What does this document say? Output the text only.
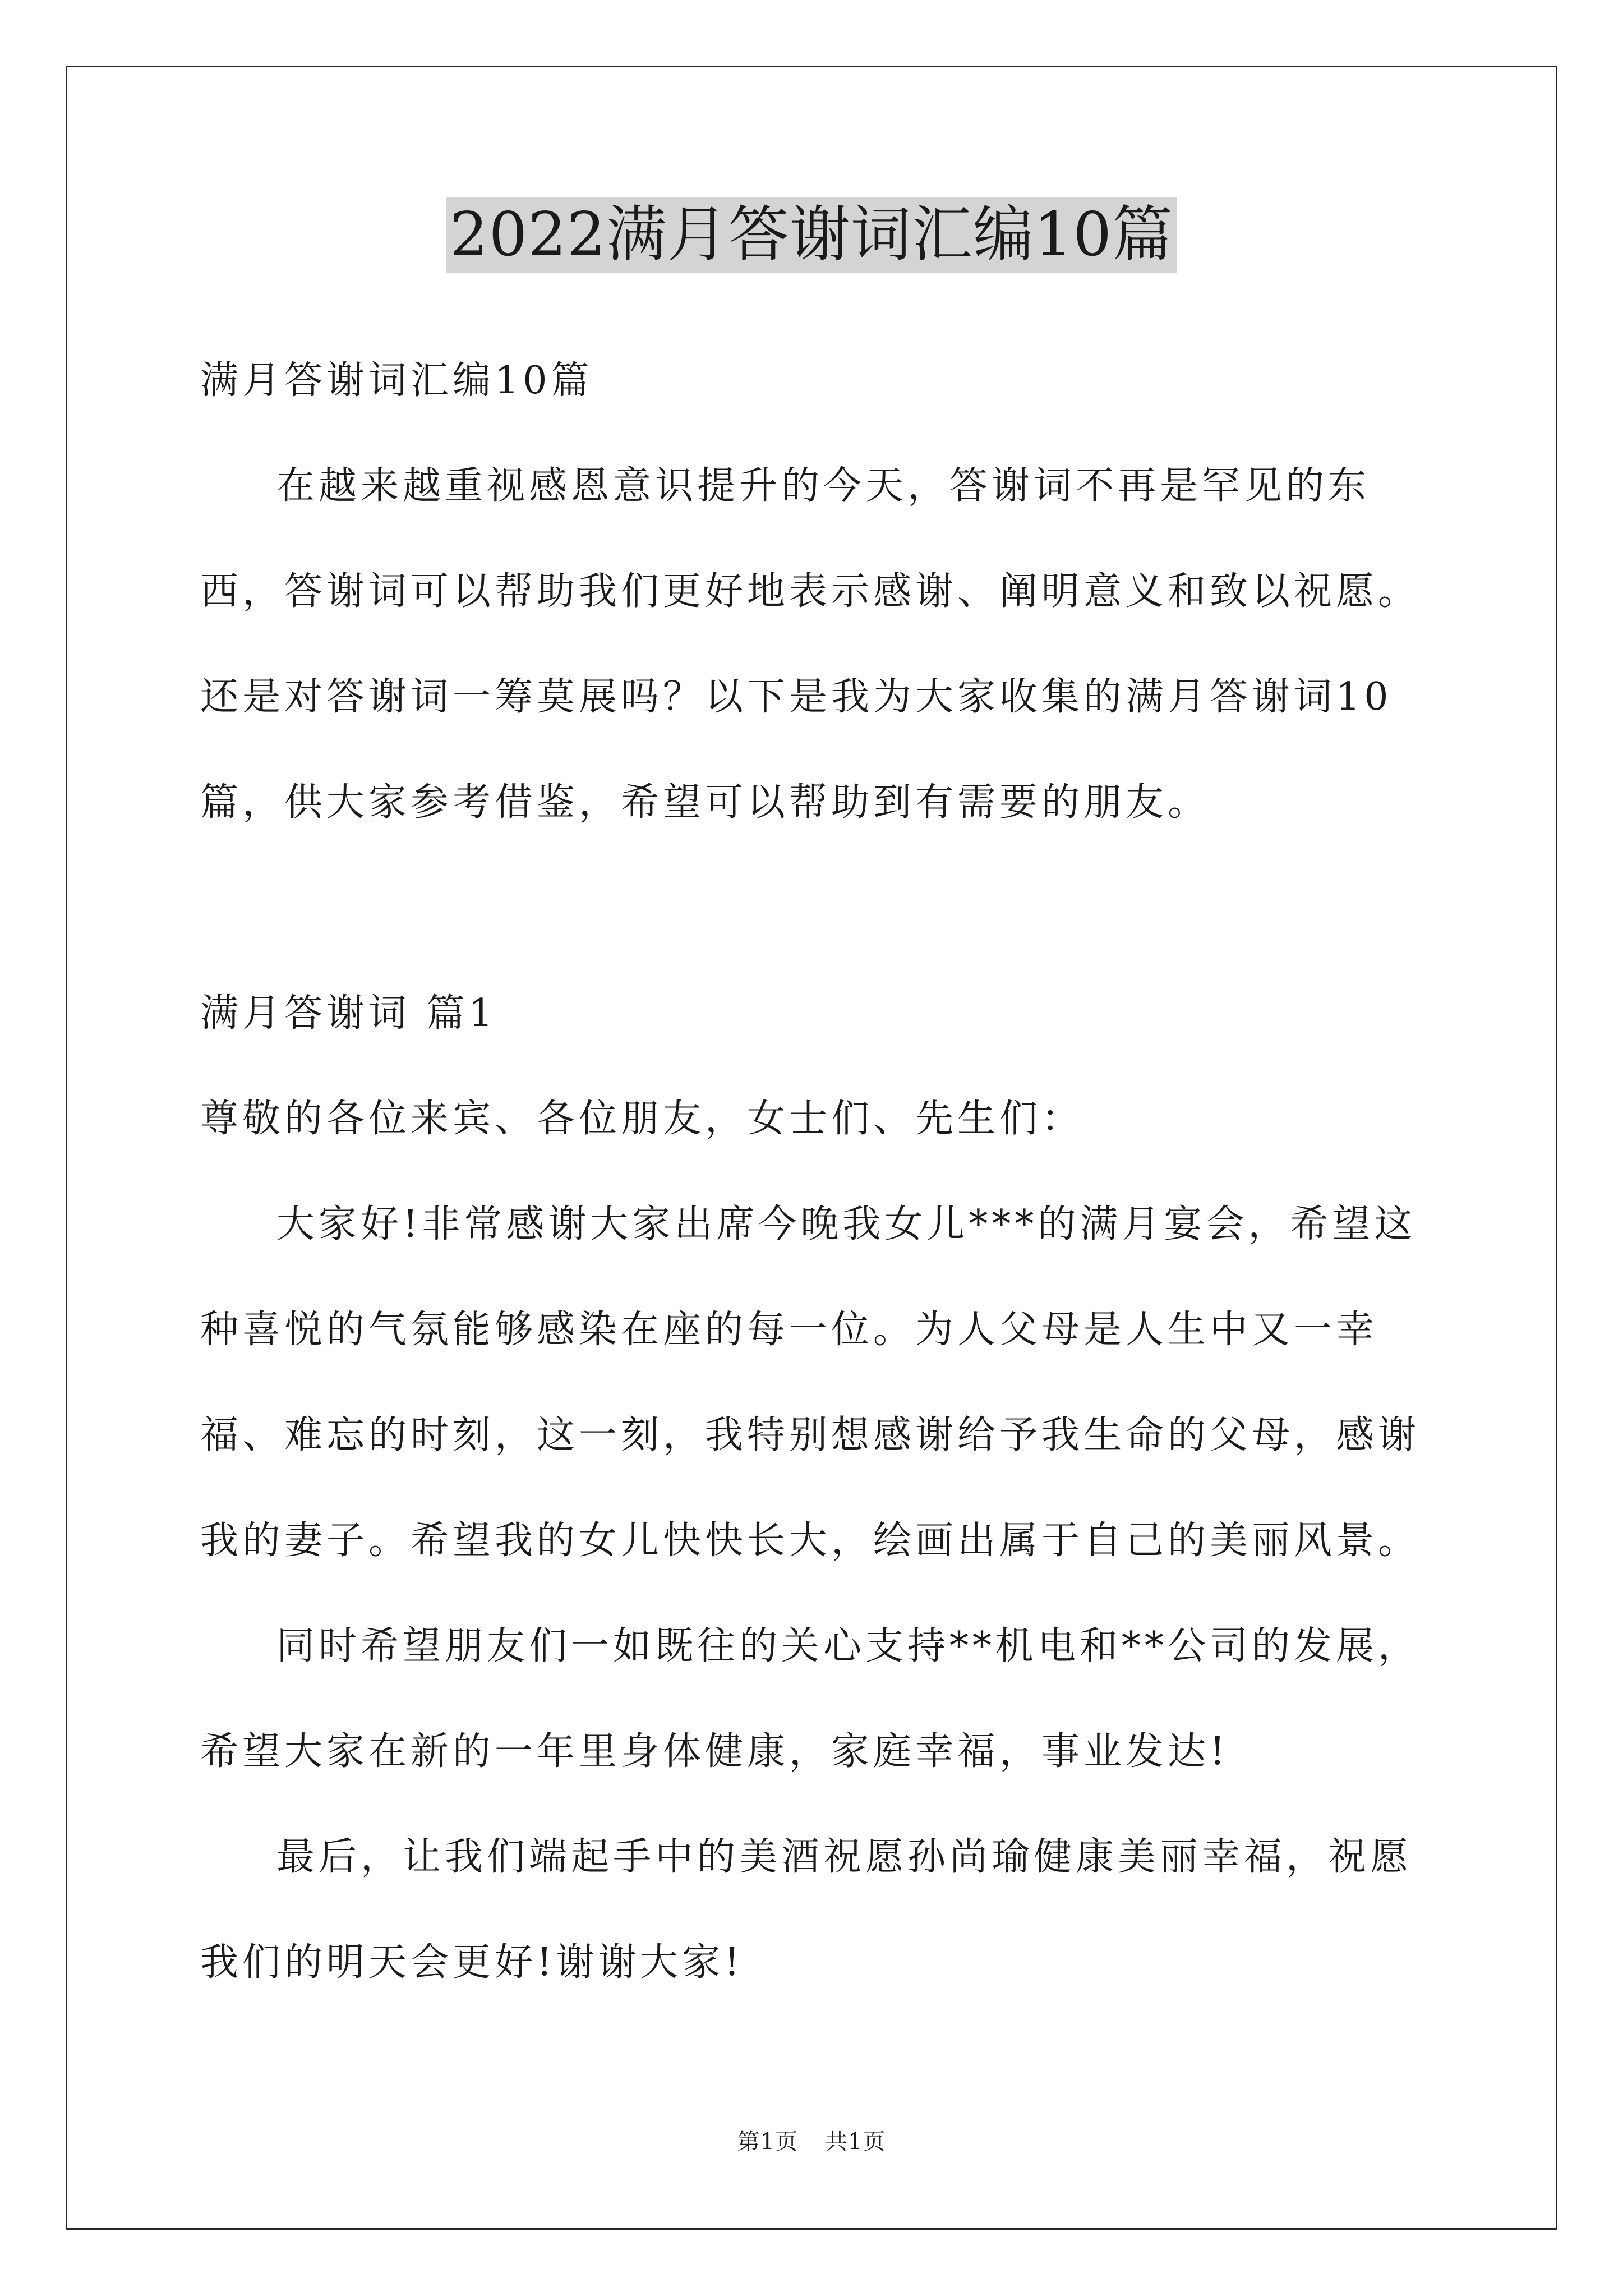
2022满月答谢词汇编10篇

满月答谢词汇编10篇

在越来越重视感恩意识提升的今天，答谢词不再是罕见的东西，答谢词可以帮助我们更好地表示感谢、阐明意义和致以祝愿。还是对答谢词一筹莫展吗？以下是我为大家收集的满月答谢词10篇，供大家参考借鉴，希望可以帮助到有需要的朋友。

满月答谢词 篇1

尊敬的各位来宾、各位朋友，女士们、先生们：

大家好!非常感谢大家出席今晚我女儿***的满月宴会，希望这种喜悦的气氛能够感染在座的每一位。为人父母是人生中又一幸福、难忘的时刻，这一刻，我特别想感谢给予我生命的父母，感谢我的妻子。希望我的女儿快快长大，绘画出属于自己的美丽风景。

同时希望朋友们一如既往的关心支持**机电和**公司的发展，希望大家在新的一年里身体健康，家庭幸福，事业发达!

最后，让我们端起手中的美酒祝愿孙尚瑜健康美丽幸福，祝愿我们的明天会更好!谢谢大家!

第1页 共1页
